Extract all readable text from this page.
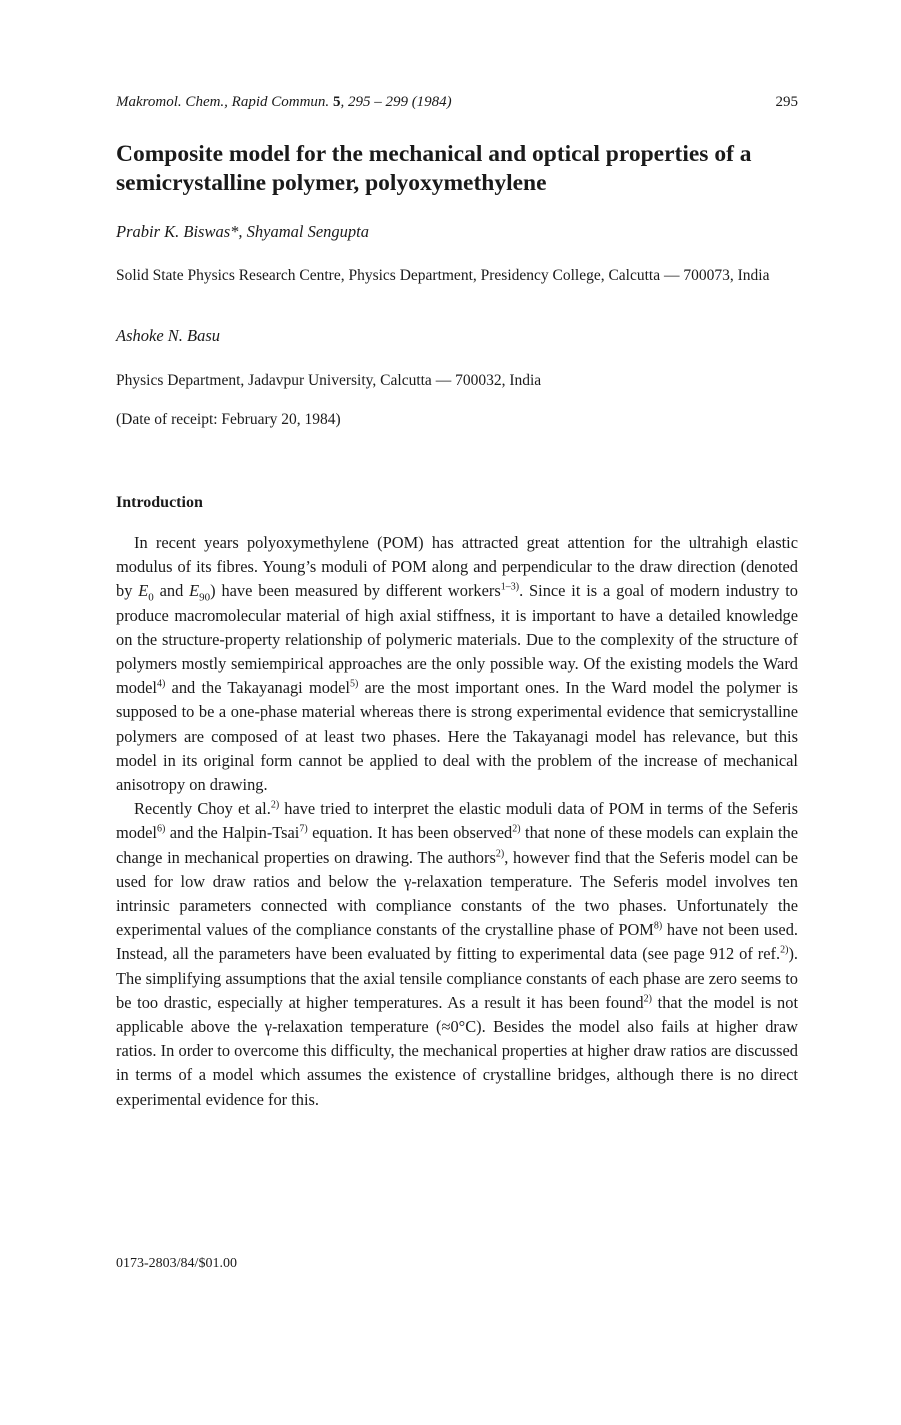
Makromol. Chem., Rapid Commun. 5, 295 – 299 (1984)	295
Composite model for the mechanical and optical properties of a semicrystalline polymer, polyoxymethylene
Prabir K. Biswas*, Shyamal Sengupta
Solid State Physics Research Centre, Physics Department, Presidency College, Calcutta — 700073, India
Ashoke N. Basu
Physics Department, Jadavpur University, Calcutta — 700032, India
(Date of receipt: February 20, 1984)
Introduction

In recent years polyoxymethylene (POM) has attracted great attention for the ultrahigh elastic modulus of its fibres. Young’s moduli of POM along and perpendicular to the draw direction (denoted by $E_0$ and $E_{90}$) have been measured by different workers$^{1-3)}$. Since it is a goal of modern industry to produce macromolecular material of high axial stiffness, it is important to have a detailed knowledge on the structure-property relationship of polymeric materials. Due to the complexity of the structure of polymers mostly semiempirical approaches are the only possible way. Of the existing models the Ward model$^{4)}$ and the Takayanagi model$^{5)}$ are the most important ones. In the Ward model the polymer is supposed to be a one-phase material whereas there is strong experimental evidence that semicrystalline polymers are composed of at least two phases. Here the Takayanagi model has relevance, but this model in its original form cannot be applied to deal with the problem of the increase of mechanical anisotropy on drawing.

Recently Choy et al.$^{2)}$ have tried to interpret the elastic moduli data of POM in terms of the Seferis model$^{6)}$ and the Halpin-Tsai$^{7)}$ equation. It has been observed$^{2)}$ that none of these models can explain the change in mechanical properties on drawing. The authors$^{2)}$, however find that the Seferis model can be used for low draw ratios and below the γ-relaxation temperature. The Seferis model involves ten intrinsic parameters connected with compliance constants of the two phases. Unfortunately the experimental values of the compliance constants of the crystalline phase of POM$^{8)}$ have not been used. Instead, all the parameters have been evaluated by fitting to experimental data (see page 912 of ref.$^{2)}$). The simplifying assumptions that the axial tensile compliance constants of each phase are zero seems to be too drastic, especially at higher temperatures. As a result it has been found$^{2)}$ that the model is not applicable above the γ-relaxation temperature (≈0°C). Besides the model also fails at higher draw ratios. In order to overcome this difficulty, the mechanical properties at higher draw ratios are discussed in terms of a model which assumes the existence of crystalline bridges, although there is no direct experimental evidence for this.

0173-2803/84/$01.00
